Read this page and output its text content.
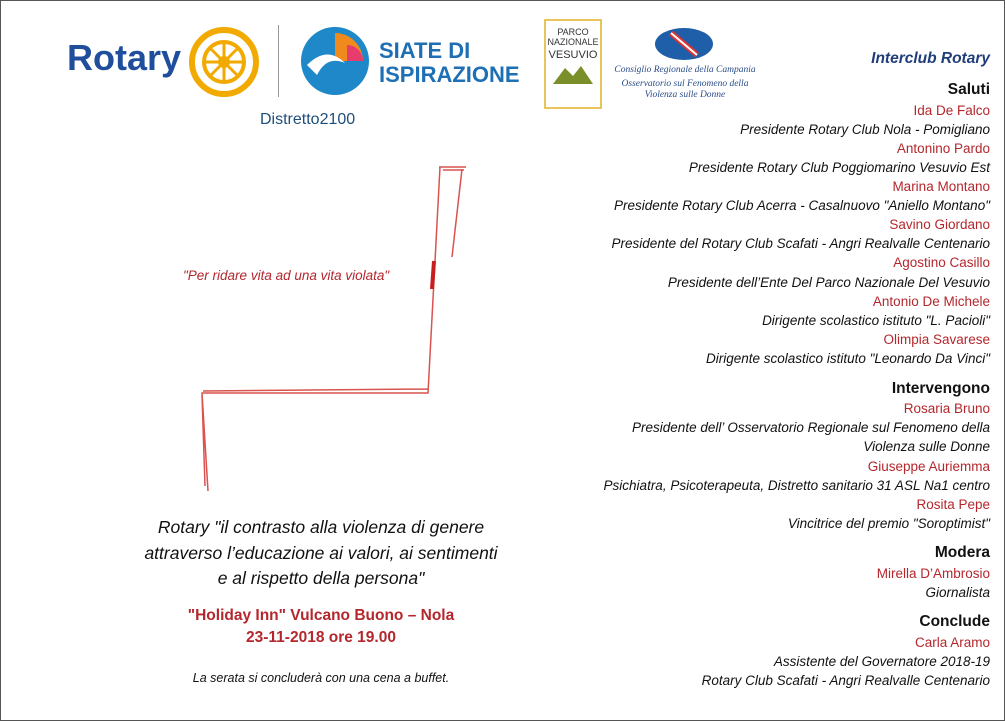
Rotary	SIATE DI
ISPIRAZIONE
Distretto2100
PARCO
NAZIONALE
VESUVIO
Consiglio Regionale della Campania
Osservatorio sul Fenomeno della
Violenza sulle Donne
"Per ridare vita ad una vita violata"
Rotary "il contrasto alla violenza di genere
attraverso l’educazione ai valori, ai sentimenti
e al rispetto della persona"
"Holiday Inn" Vulcano Buono – Nola
23-11-2018 ore 19.00
La serata si concluderà con una cena a buffet.
Interclub Rotary
Saluti
Ida De Falco
Presidente Rotary Club Nola - Pomigliano
Antonino Pardo
Presidente Rotary Club Poggiomarino Vesuvio Est
Marina Montano
Presidente Rotary Club Acerra - Casalnuovo "Aniello Montano"
Savino Giordano
Presidente del Rotary Club Scafati - Angri Realvalle Centenario
Agostino Casillo
Presidente dell’Ente Del Parco Nazionale Del Vesuvio
Antonio De Michele
Dirigente scolastico istituto "L. Pacioli"
Olimpia Savarese
Dirigente scolastico istituto "Leonardo Da Vinci"
Intervengono
Rosaria Bruno
Presidente dell’ Osservatorio Regionale sul Fenomeno della
Violenza sulle Donne
Giuseppe Auriemma
Psichiatra, Psicoterapeuta, Distretto sanitario 31 ASL Na1 centro
Rosita Pepe
Vincitrice del premio "Soroptimist"
Modera
Mirella D’Ambrosio
Giornalista
Conclude
Carla Aramo
Assistente del Governatore 2018-19
Rotary Club Scafati - Angri Realvalle Centenario
